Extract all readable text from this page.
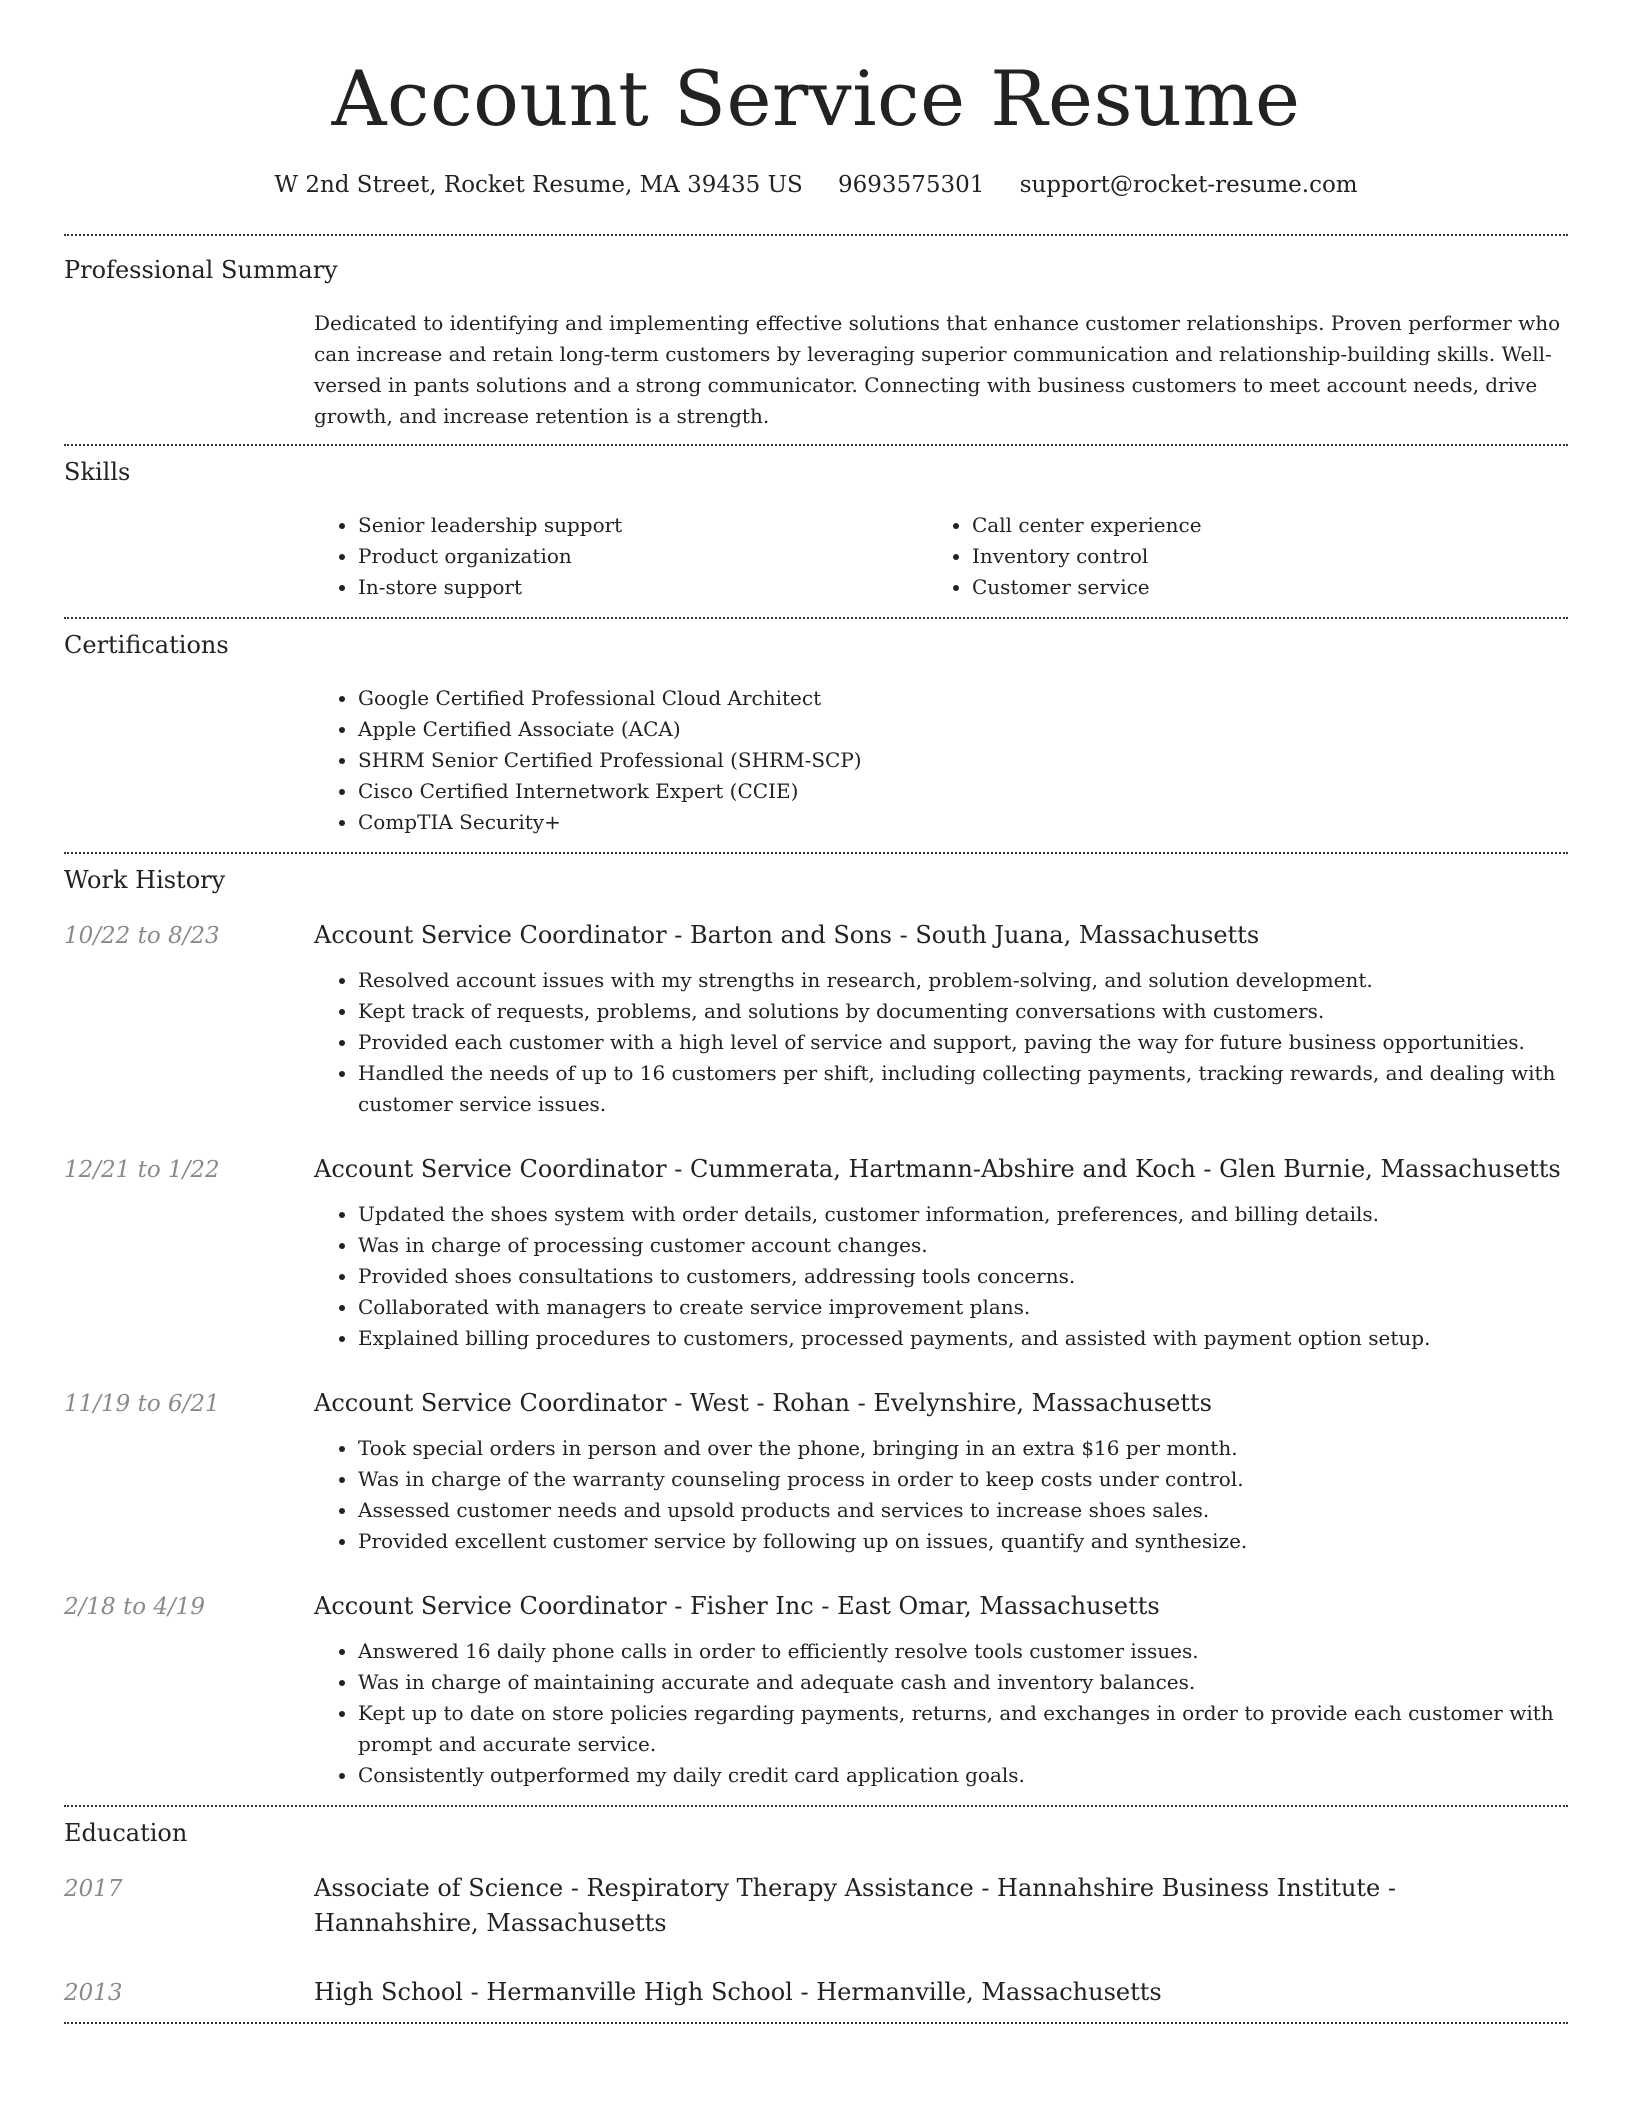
Account Service Resume
W 2nd Street, Rocket Resume, MA 39435 US 9693575301 support@rocket-resume.com
Professional Summary

Dedicated to identifying and implementing effective solutions that enhance customer relationships. Proven performer who can increase and retain long-term customers by leveraging superior communication and relationship-building skills. Well-versed in pants solutions and a strong communicator. Connecting with business customers to meet account needs, drive growth, and increase retention is a strength.

Skills
• Senior leadership support
• Product organization
• In-store support
• Call center experience
• Inventory control
• Customer service
Certifications
• Google Certified Professional Cloud Architect
• Apple Certified Associate (ACA)
• SHRM Senior Certified Professional (SHRM-SCP)
• Cisco Certified Internetwork Expert (CCIE)
• CompTIA Security+
Work History
10/22 to 8/23	Account Service Coordinator - Barton and Sons - South Juana, Massachusetts
• Resolved account issues with my strengths in research, problem-solving, and solution development.
• Kept track of requests, problems, and solutions by documenting conversations with customers.
• Provided each customer with a high level of service and support, paving the way for future business opportunities.
• Handled the needs of up to 16 customers per shift, including collecting payments, tracking rewards, and dealing with customer service issues.
12/21 to 1/22	Account Service Coordinator - Cummerata, Hartmann-Abshire and Koch - Glen Burnie, Massachusetts
• Updated the shoes system with order details, customer information, preferences, and billing details.
• Was in charge of processing customer account changes.
• Provided shoes consultations to customers, addressing tools concerns.
• Collaborated with managers to create service improvement plans.
• Explained billing procedures to customers, processed payments, and assisted with payment option setup.
11/19 to 6/21	Account Service Coordinator - West - Rohan - Evelynshire, Massachusetts
• Took special orders in person and over the phone, bringing in an extra $16 per month.
• Was in charge of the warranty counseling process in order to keep costs under control.
• Assessed customer needs and upsold products and services to increase shoes sales.
• Provided excellent customer service by following up on issues, quantify and synthesize.
2/18 to 4/19	Account Service Coordinator - Fisher Inc - East Omar, Massachusetts
• Answered 16 daily phone calls in order to efficiently resolve tools customer issues.
• Was in charge of maintaining accurate and adequate cash and inventory balances.
• Kept up to date on store policies regarding payments, returns, and exchanges in order to provide each customer with prompt and accurate service.
• Consistently outperformed my daily credit card application goals.
Education
2017	Associate of Science - Respiratory Therapy Assistance - Hannahshire Business Institute - Hannahshire, Massachusetts
2013	High School - Hermanville High School - Hermanville, Massachusetts
